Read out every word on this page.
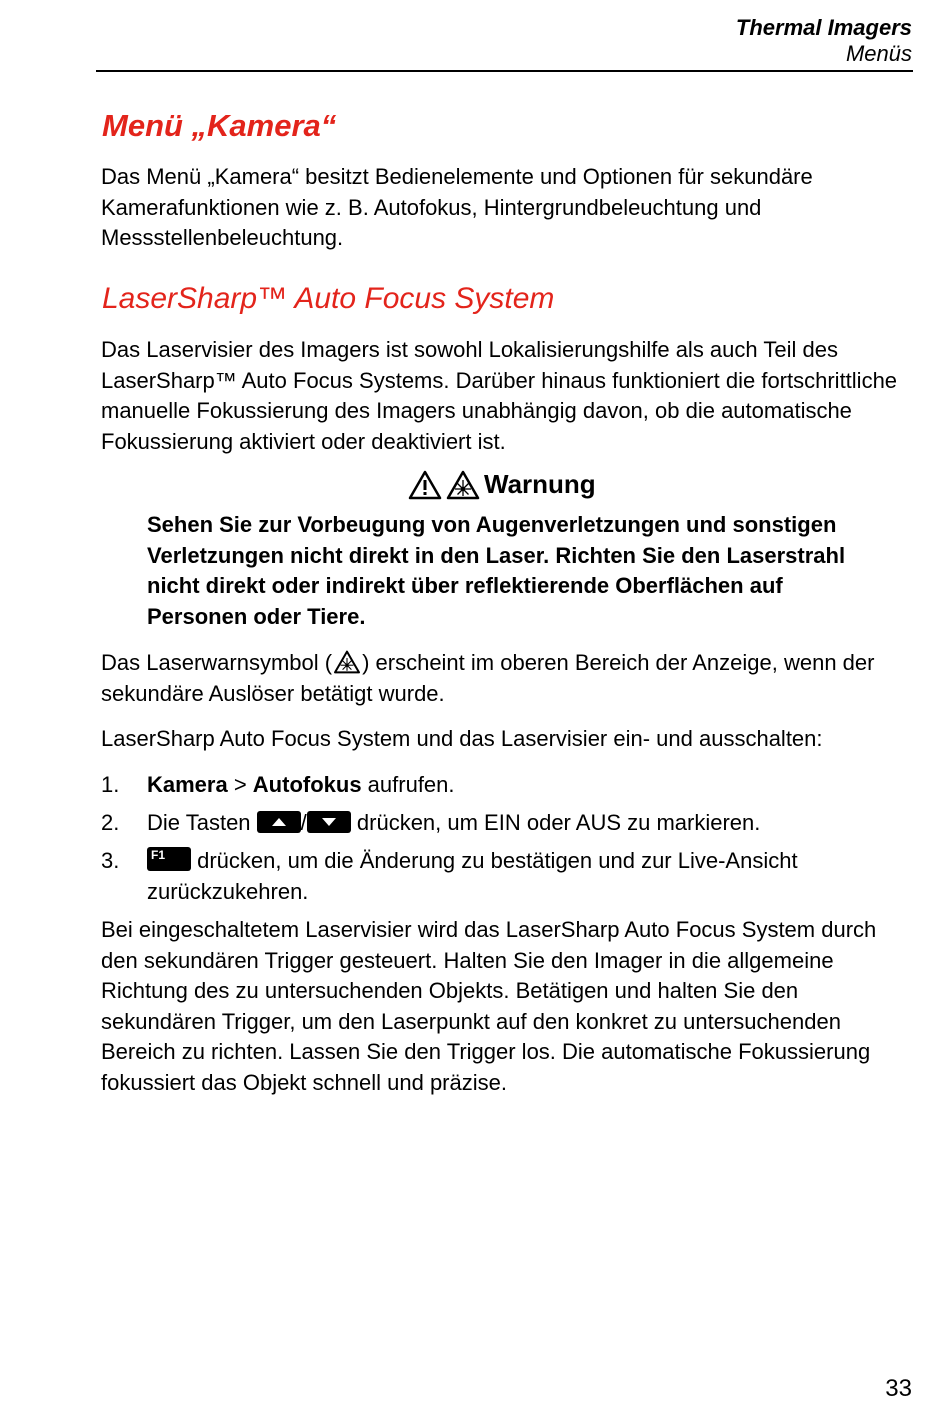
Thermal Imagers
Menüs
Menü „Kamera“

Das Menü „Kamera“ besitzt Bedienelemente und Optionen für sekundäre Kamerafunktionen wie z. B. Autofokus, Hintergrundbeleuchtung und Messstellenbeleuchtung.

LaserSharp™ Auto Focus System

Das Laservisier des Imagers ist sowohl Lokalisierungshilfe als auch Teil des LaserSharp™ Auto Focus Systems. Darüber hinaus funktioniert die fortschrittliche manuelle Fokussierung des Imagers unabhängig davon, ob die automatische Fokussierung aktiviert oder deaktiviert ist.

Warnung

Sehen Sie zur Vorbeugung von Augenverletzungen und sonstigen Verletzungen nicht direkt in den Laser. Richten Sie den Laserstrahl nicht direkt oder indirekt über reflektierende Oberflächen auf Personen oder Tiere.

Das Laserwarnsymbol ( ) erscheint im oberen Bereich der Anzeige, wenn der sekundäre Auslöser betätigt wurde.

LaserSharp Auto Focus System und das Laservisier ein- und ausschalten:

1. Kamera > Autofokus aufrufen.
2. Die Tasten
/
drücken, um EIN oder AUS zu markieren.
3.	F1 drücken, um die Änderung zu bestätigen und zur Live-Ansicht zurückzukehren.

Bei eingeschaltetem Laservisier wird das LaserSharp Auto Focus System durch den sekundären Trigger gesteuert. Halten Sie den Imager in die allgemeine Richtung des zu untersuchenden Objekts. Betätigen und halten Sie den sekundären Trigger, um den Laserpunkt auf den konkret zu untersuchenden Bereich zu richten. Lassen Sie den Trigger los. Die automatische Fokussierung fokussiert das Objekt schnell und präzise.

33
